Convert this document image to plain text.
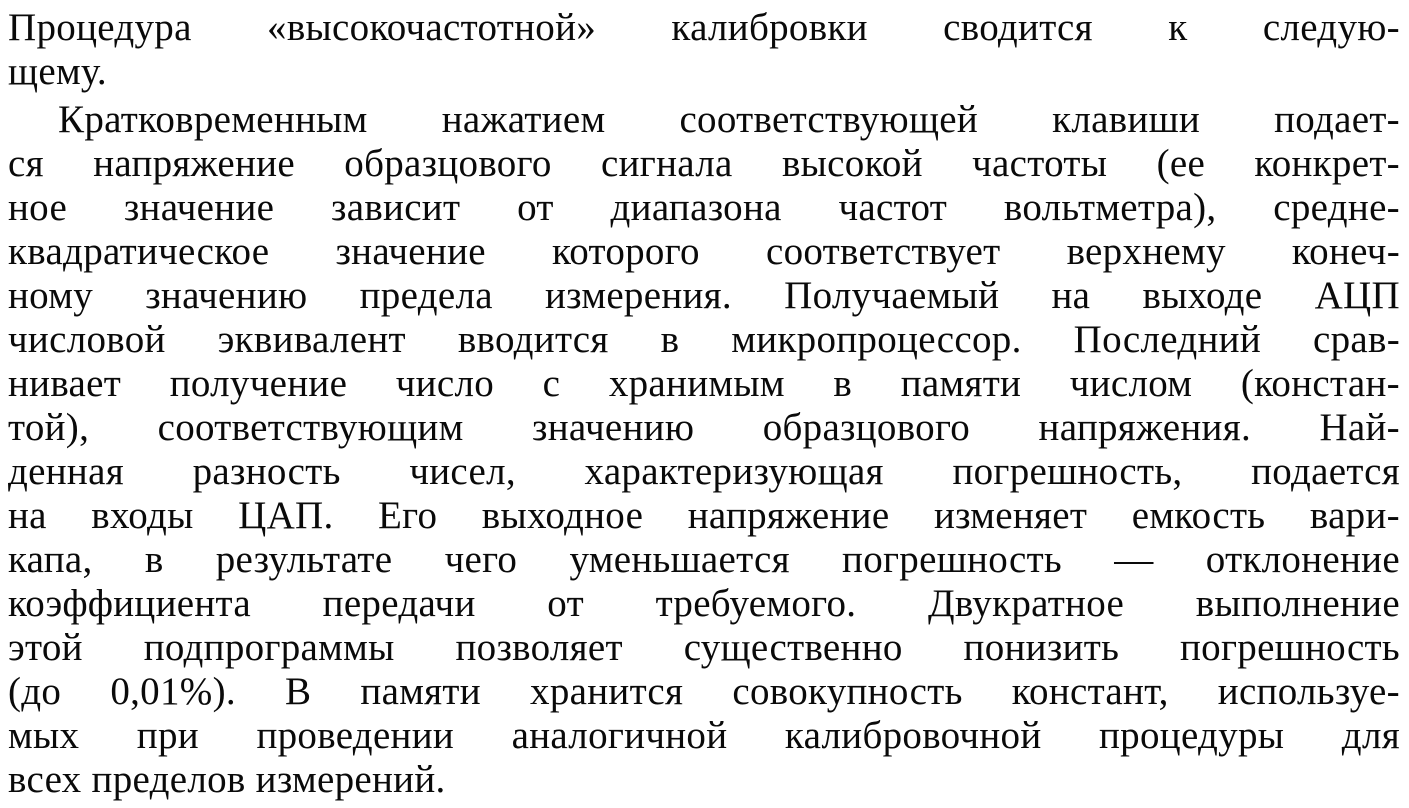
Процедура «высокочастотной» калибровки сводится к следую-
щему.
Кратковременным нажатием соответствующей клавиши подает-
ся напряжение образцового сигнала высокой частоты (ее конкрет-
ное значение зависит от диапазона частот вольтметра), средне-
квадратическое значение которого соответствует верхнему конеч-
ному значению предела измерения. Получаемый на выходе АЦП
числовой эквивалент вводится в микропроцессор. Последний срав-
нивает получение число с хранимым в памяти числом (констан-
той), соответствующим значению образцового напряжения. Най-
денная разность чисел, характеризующая погрешность, подается
на входы ЦАП. Его выходное напряжение изменяет емкость вари-
капа, в результате чего уменьшается погрешность — отклонение
коэффициента передачи от требуемого. Двукратное выполнение
этой подпрограммы позволяет существенно понизить погрешность
(до 0,01%). В памяти хранится совокупность констант, используе-
мых при проведении аналогичной калибровочной процедуры для
всех пределов измерений.
